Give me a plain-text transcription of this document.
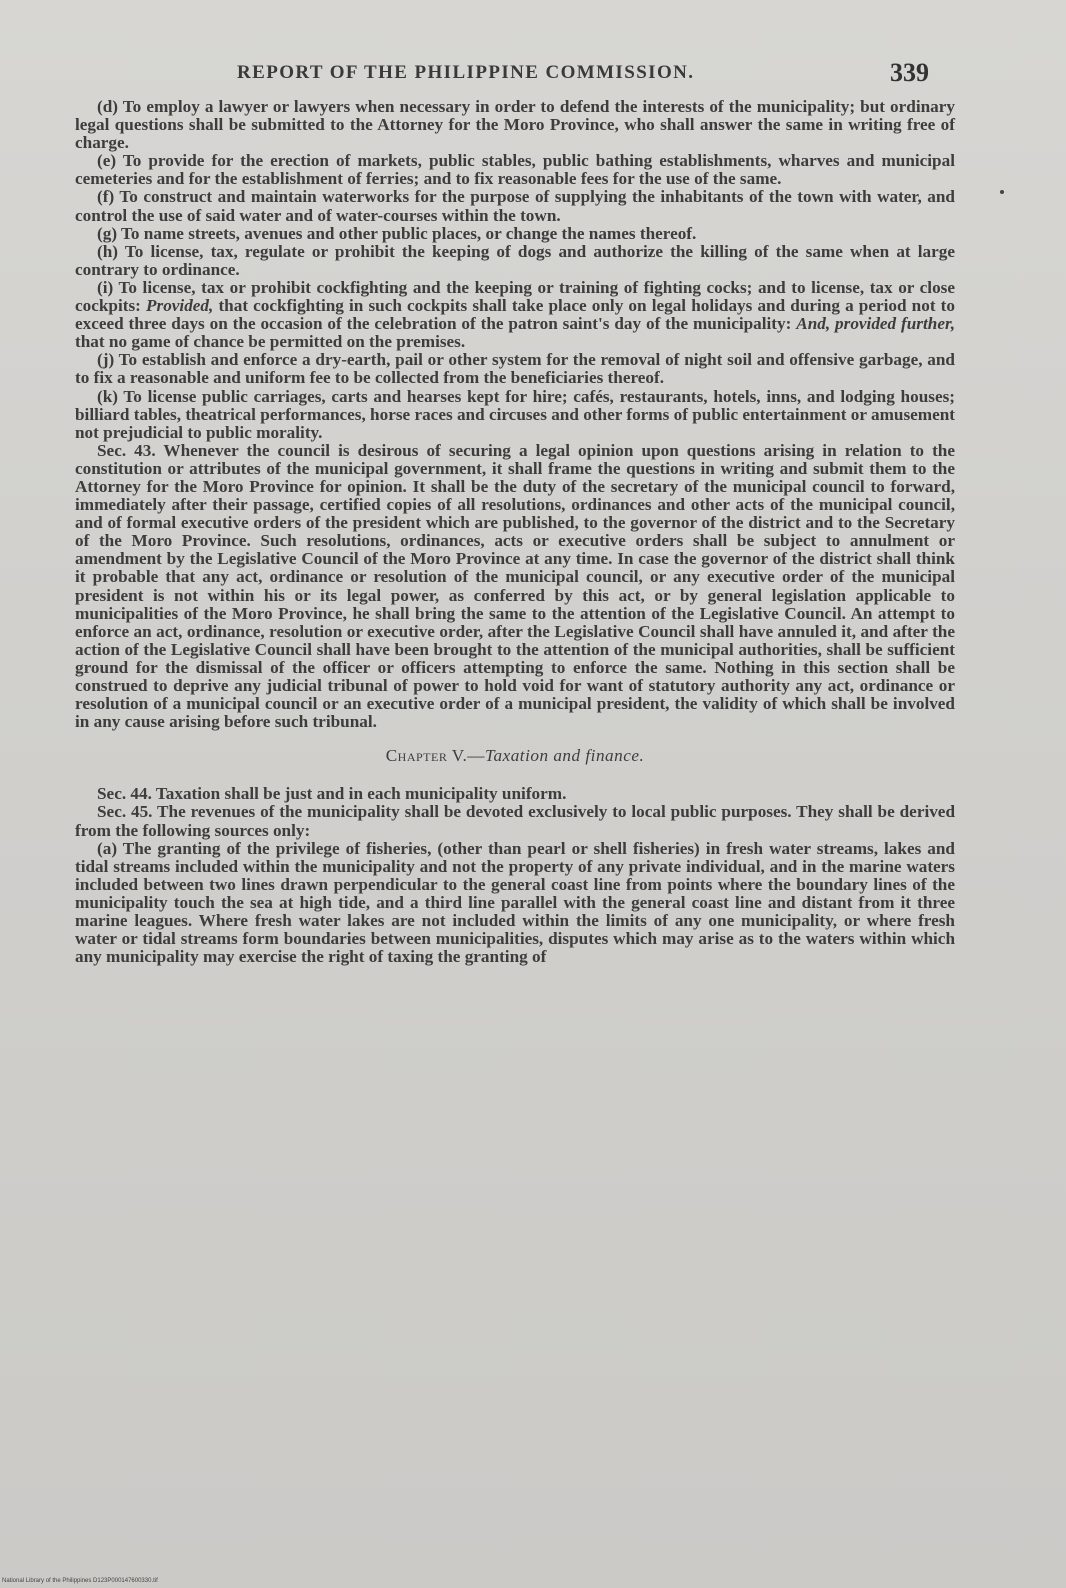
REPORT OF THE PHILIPPINE COMMISSION.	339

(d) To employ a lawyer or lawyers when necessary in order to defend the interests of the municipality; but ordinary legal questions shall be submitted to the Attorney for the Moro Province, who shall answer the same in writing free of charge.

(e) To provide for the erection of markets, public stables, public bathing establishments, wharves and municipal cemeteries and for the establishment of ferries; and to fix reasonable fees for the use of the same.

(f) To construct and maintain waterworks for the purpose of supplying the inhabitants of the town with water, and control the use of said water and of water-courses within the town.

(g) To name streets, avenues and other public places, or change the names thereof.

(h) To license, tax, regulate or prohibit the keeping of dogs and authorize the killing of the same when at large contrary to ordinance.

(i) To license, tax or prohibit cockfighting and the keeping or training of fighting cocks; and to license, tax or close cockpits: Provided, that cockfighting in such cockpits shall take place only on legal holidays and during a period not to exceed three days on the occasion of the celebration of the patron saint's day of the municipality: And, provided further, that no game of chance be permitted on the premises.

(j) To establish and enforce a dry-earth, pail or other system for the removal of night soil and offensive garbage, and to fix a reasonable and uniform fee to be collected from the beneficiaries thereof.

(k) To license public carriages, carts and hearses kept for hire; cafés, restaurants, hotels, inns, and lodging houses; billiard tables, theatrical performances, horse races and circuses and other forms of public entertainment or amusement not prejudicial to public morality.

Sec. 43. Whenever the council is desirous of securing a legal opinion upon questions arising in relation to the constitution or attributes of the municipal government, it shall frame the questions in writing and submit them to the Attorney for the Moro Province for opinion. It shall be the duty of the secretary of the municipal council to forward, immediately after their passage, certified copies of all resolutions, ordinances and other acts of the municipal council, and of formal executive orders of the president which are published, to the governor of the district and to the Secretary of the Moro Province. Such resolutions, ordinances, acts or executive orders shall be subject to annulment or amendment by the Legislative Council of the Moro Province at any time. In case the governor of the district shall think it probable that any act, ordinance or resolution of the municipal council, or any executive order of the municipal president is not within his or its legal power, as conferred by this act, or by general legislation applicable to municipalities of the Moro Province, he shall bring the same to the attention of the Legislative Council. An attempt to enforce an act, ordinance, resolution or executive order, after the Legislative Council shall have annuled it, and after the action of the Legislative Council shall have been brought to the attention of the municipal authorities, shall be sufficient ground for the dismissal of the officer or officers attempting to enforce the same. Nothing in this section shall be construed to deprive any judicial tribunal of power to hold void for want of statutory authority any act, ordinance or resolution of a municipal council or an executive order of a municipal president, the validity of which shall be involved in any cause arising before such tribunal.

Chapter V.—Taxation and finance.

Sec. 44. Taxation shall be just and in each municipality uniform.

Sec. 45. The revenues of the municipality shall be devoted exclusively to local public purposes. They shall be derived from the following sources only:

(a) The granting of the privilege of fisheries, (other than pearl or shell fisheries) in fresh water streams, lakes and tidal streams included within the municipality and not the property of any private individual, and in the marine waters included between two lines drawn perpendicular to the general coast line from points where the boundary lines of the municipality touch the sea at high tide, and a third line parallel with the general coast line and distant from it three marine leagues. Where fresh water lakes are not included within the limits of any one municipality, or where fresh water or tidal streams form boundaries between municipalities, disputes which may arise as to the waters within which any municipality may exercise the right of taxing the granting of

National Library of the Philippines D123P000147600330.tif
